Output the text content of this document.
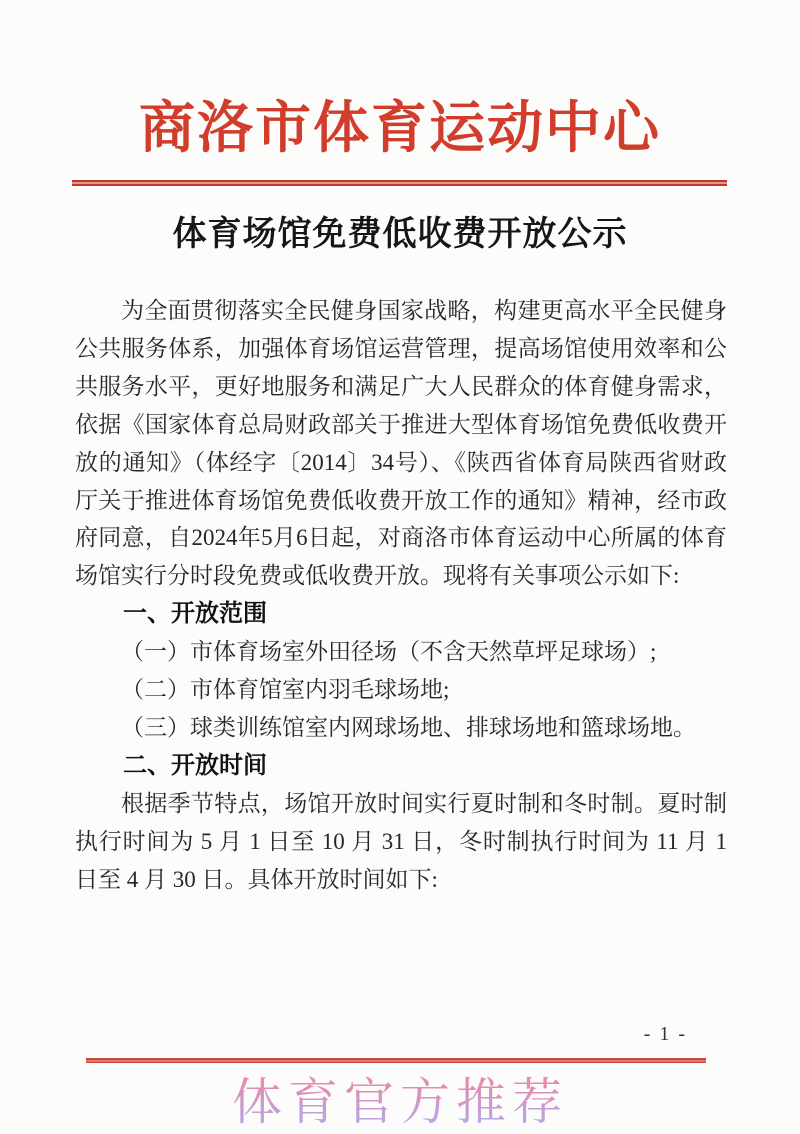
商洛市体育运动中心
体育场馆免费低收费开放公示
为全面贯彻落实全民健身国家战略，构建更高水平全民健身
公共服务体系，加强体育场馆运营管理，提高场馆使用效率和公
共服务水平，更好地服务和满足广大人民群众的体育健身需求，
依据《国家体育总局财政部关于推进大型体育场馆免费低收费开
放的通知》（体经字〔2014〕34号）、《陕西省体育局陕西省财政
厅关于推进体育场馆免费低收费开放工作的通知》精神，经市政
府同意，自2024年5月6日起，对商洛市体育运动中心所属的体育
场馆实行分时段免费或低收费开放。现将有关事项公示如下:
一、开放范围
（一）市体育场室外田径场（不含天然草坪足球场）;
（二）市体育馆室内羽毛球场地;
（三）球类训练馆室内网球场地、排球场地和篮球场地。
二、开放时间
根据季节特点，场馆开放时间实行夏时制和冬时制。夏时制
执行时间为 5 月 1 日至 10 月 31 日，冬时制执行时间为 11 月 1
日至 4 月 30 日。具体开放时间如下:
- 1 -
体育官方推荐
